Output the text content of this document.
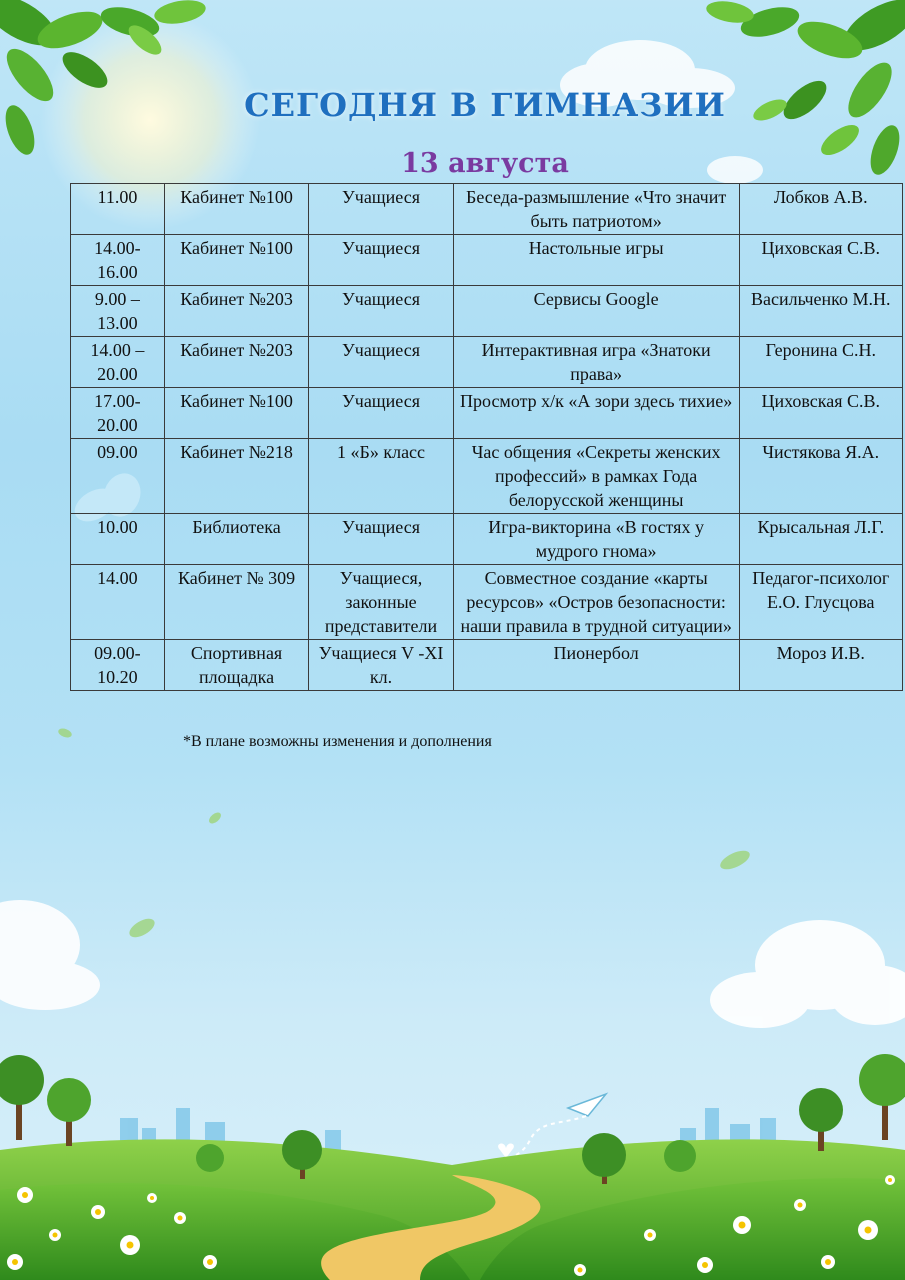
СЕГОДНЯ В ГИМНАЗИИ
13 августа
11.00	Кабинет №100	Учащиеся	Беседа-размышление «Что значит быть патриотом»	Лобков А.В.
14.00-16.00	Кабинет №100	Учащиеся	Настольные игры	Циховская С.В.
9.00 – 13.00	Кабинет №203	Учащиеся	Сервисы Google	Васильченко М.Н.
14.00 – 20.00	Кабинет №203	Учащиеся	Интерактивная игра «Знатоки права»	Геронина С.Н.
17.00-20.00	Кабинет №100	Учащиеся	Просмотр х/к «А зори здесь тихие»	Циховская С.В.
09.00	Кабинет №218	1 «Б» класс	Час общения «Секреты женских профессий» в рамках Года белорусской женщины	Чистякова Я.А.
10.00	Библиотека	Учащиеся	Игра-викторина «В гостях у мудрого гнома»	Крысальная Л.Г.
14.00	Кабинет № 309	Учащиеся, законные представители	Совместное создание «карты ресурсов» «Остров безопасности: наши правила в трудной ситуации»	Педагог-психолог Е.О. Глусцова
09.00-10.20	Спортивная площадка	Учащиеся V -XI кл.	Пионербол	Мороз И.В.
*В плане возможны изменения и дополнения
